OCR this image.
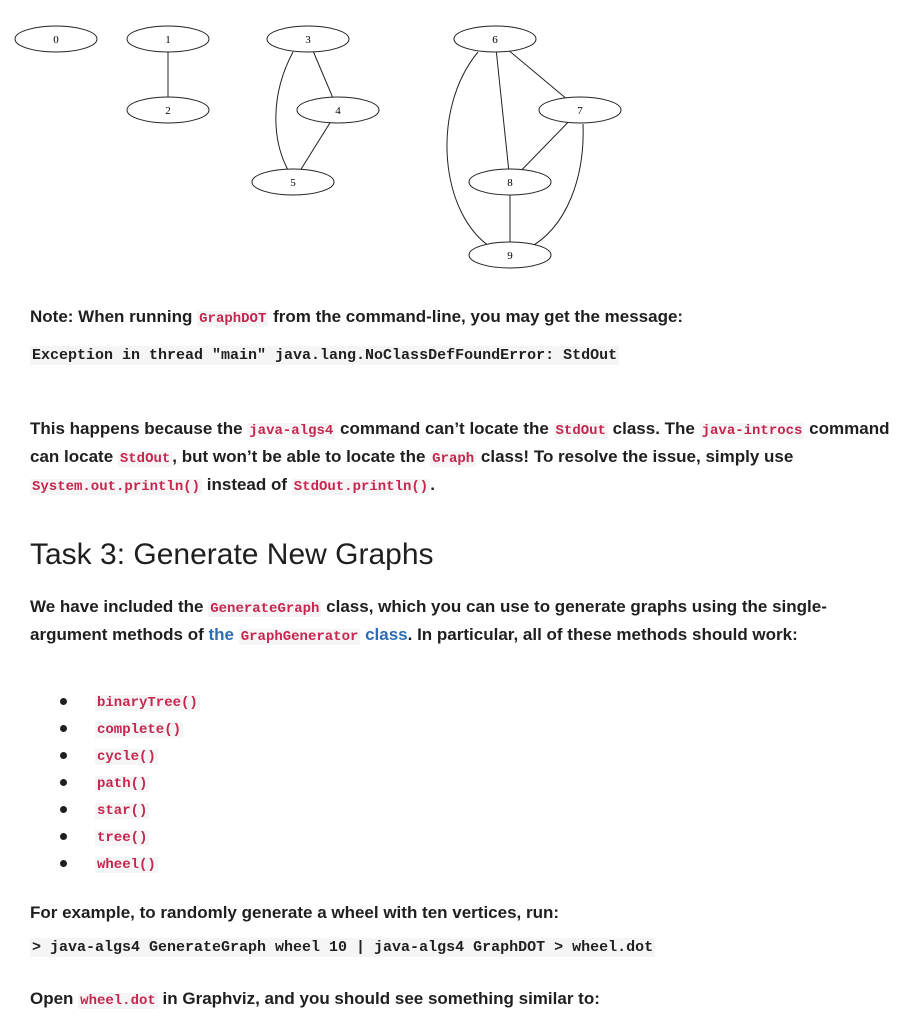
0	1
2
3
4
5
6
7
8
9
Note: When running GraphDOT from the command-line, you may get the message:
Exception in thread "main" java.lang.NoClassDefFoundError: StdOut
This happens because the java-algs4 command can’t locate the StdOut class. The java-introcs command can locate StdOut , but won’t be able to locate the Graph class! To resolve the issue, simply use System.out.println() instead of StdOut.println() .
Task 3: Generate New Graphs
We have included the GenerateGraph class, which you can use to generate graphs using the single-argument methods of the GraphGenerator class. In particular, all of these methods should work:
binaryTree()
complete()
cycle()
path()
star()
tree()
wheel()
For example, to randomly generate a wheel with ten vertices, run:
> java-algs4 GenerateGraph wheel 10 | java-algs4 GraphDOT > wheel.dot
Open wheel.dot in Graphviz, and you should see something similar to:
